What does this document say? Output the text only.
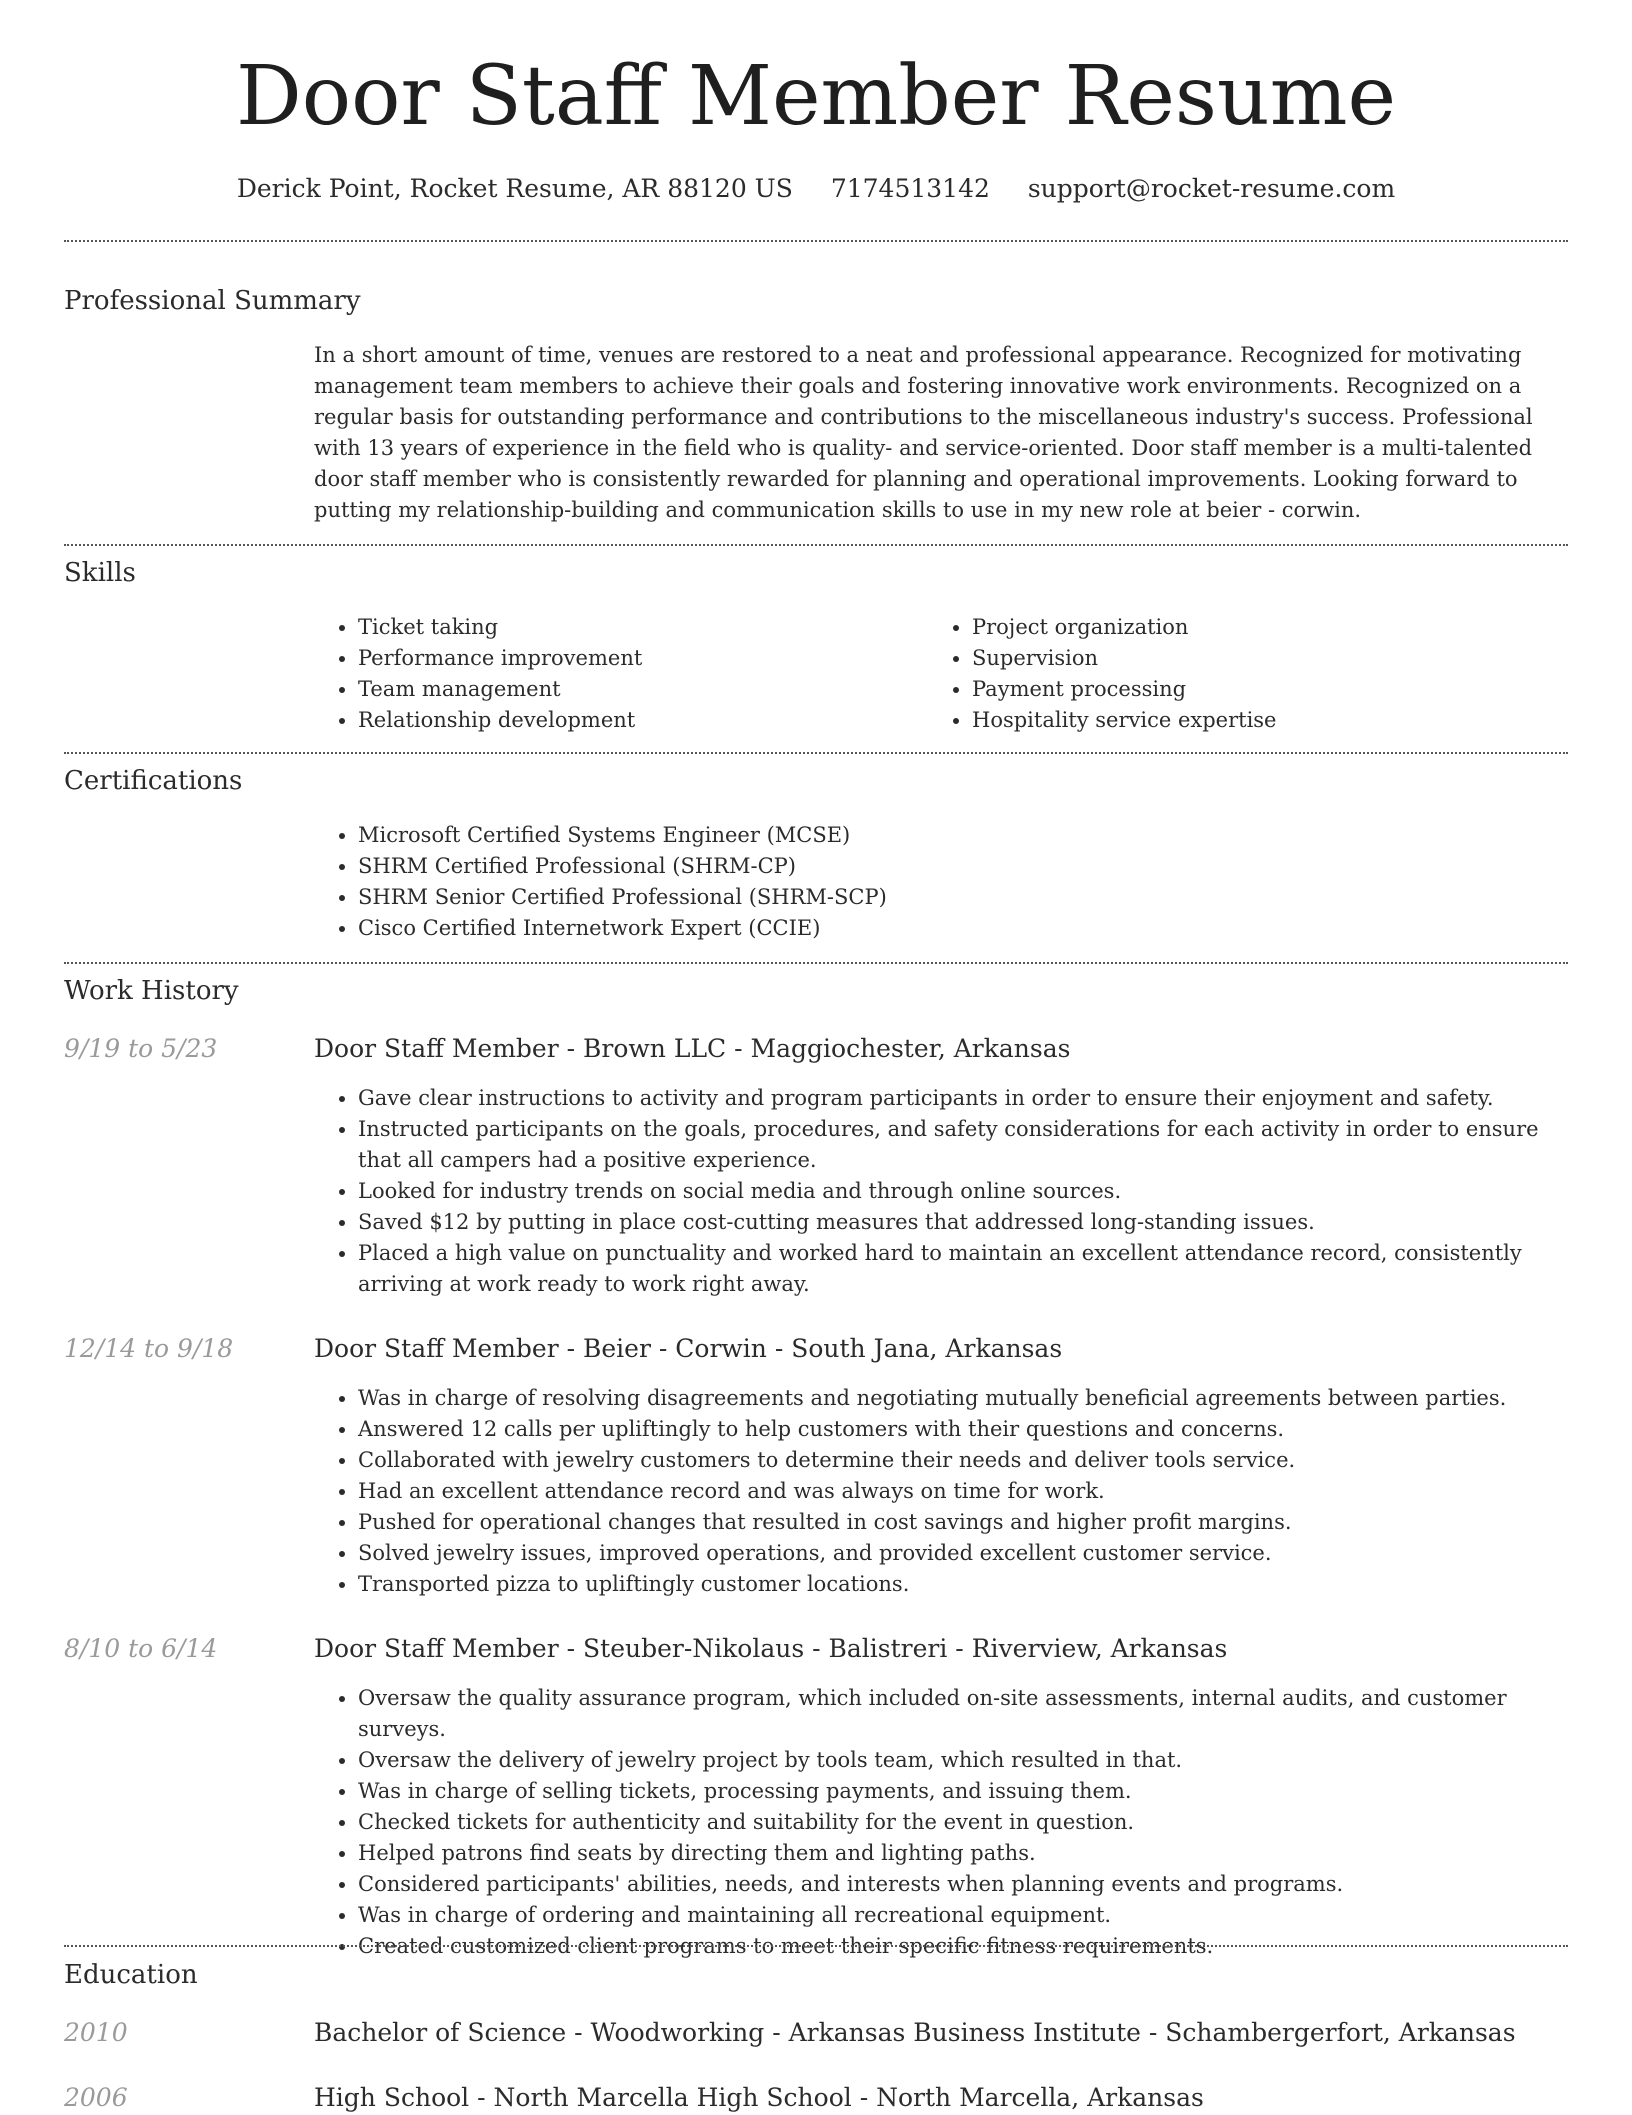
Door Staff Member Resume
Derick Point, Rocket Resume, AR 88120 US 7174513142 support@rocket-resume.com
Professional Summary

In a short amount of time, venues are restored to a neat and professional appearance. Recognized for motivating management team members to achieve their goals and fostering innovative work environments. Recognized on a regular basis for outstanding performance and contributions to the miscellaneous industry's success. Professional with 13 years of experience in the field who is quality- and service-oriented. Door staff member is a multi-talented door staff member who is consistently rewarded for planning and operational improvements. Looking forward to putting my relationship-building and communication skills to use in my new role at beier - corwin.

Skills
• Ticket taking
• Performance improvement
• Team management
• Relationship development
• Project organization
• Supervision
• Payment processing
• Hospitality service expertise
Certifications
• Microsoft Certified Systems Engineer (MCSE)
• SHRM Certified Professional (SHRM-CP)
• SHRM Senior Certified Professional (SHRM-SCP)
• Cisco Certified Internetwork Expert (CCIE)
Work History
9/19 to 5/23	Door Staff Member - Brown LLC - Maggiochester, Arkansas
• Gave clear instructions to activity and program participants in order to ensure their enjoyment and safety.
• Instructed participants on the goals, procedures, and safety considerations for each activity in order to ensure that all campers had a positive experience.
• Looked for industry trends on social media and through online sources.
• Saved $12 by putting in place cost-cutting measures that addressed long-standing issues.
• Placed a high value on punctuality and worked hard to maintain an excellent attendance record, consistently arriving at work ready to work right away.
12/14 to 9/18	Door Staff Member - Beier - Corwin - South Jana, Arkansas
• Was in charge of resolving disagreements and negotiating mutually beneficial agreements between parties.
• Answered 12 calls per upliftingly to help customers with their questions and concerns.
• Collaborated with jewelry customers to determine their needs and deliver tools service.
• Had an excellent attendance record and was always on time for work.
• Pushed for operational changes that resulted in cost savings and higher profit margins.
• Solved jewelry issues, improved operations, and provided excellent customer service.
• Transported pizza to upliftingly customer locations.
8/10 to 6/14	Door Staff Member - Steuber-Nikolaus - Balistreri - Riverview, Arkansas
• Oversaw the quality assurance program, which included on-site assessments, internal audits, and customer surveys.
• Oversaw the delivery of jewelry project by tools team, which resulted in that.
• Was in charge of selling tickets, processing payments, and issuing them.
• Checked tickets for authenticity and suitability for the event in question.
• Helped patrons find seats by directing them and lighting paths.
• Considered participants' abilities, needs, and interests when planning events and programs.
• Was in charge of ordering and maintaining all recreational equipment.
• Created customized client programs to meet their specific fitness requirements.
Education
2010	Bachelor of Science - Woodworking - Arkansas Business Institute - Schambergerfort, Arkansas
2006	High School - North Marcella High School - North Marcella, Arkansas
